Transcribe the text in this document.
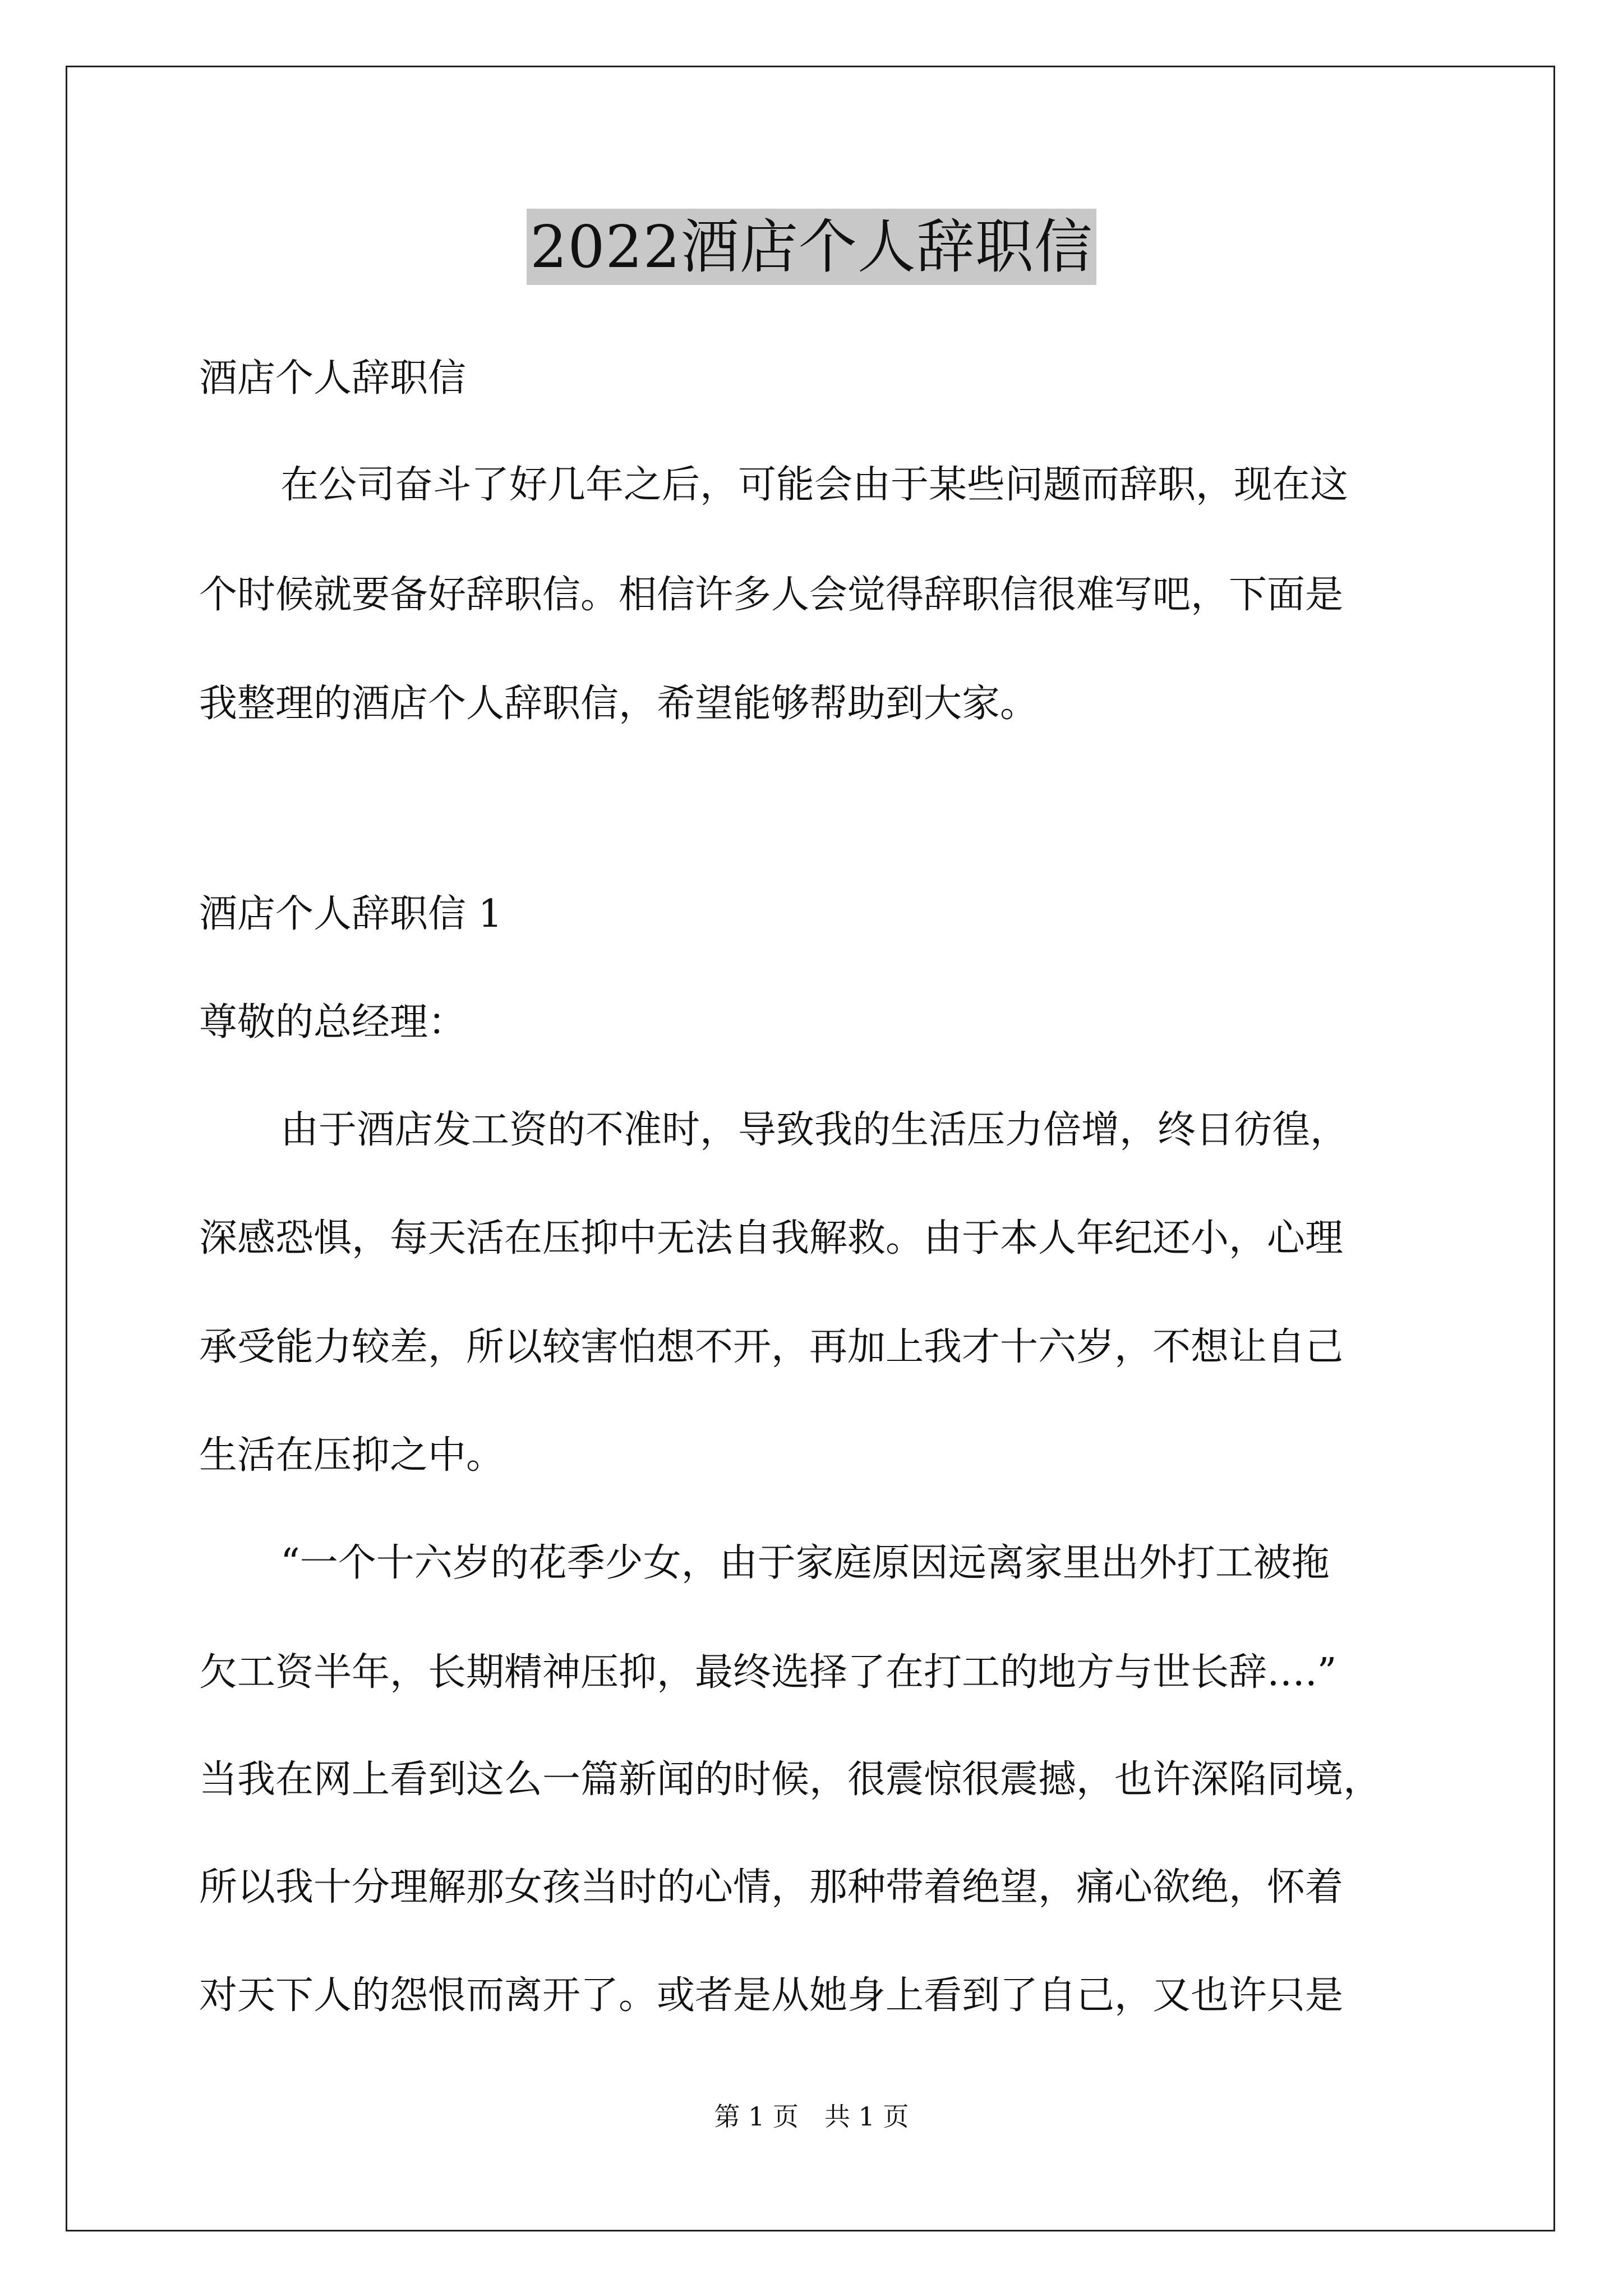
2022酒店个人辞职信
酒店个人辞职信
在公司奋斗了好几年之后，可能会由于某些问题而辞职，现在这
个时候就要备好辞职信。相信许多人会觉得辞职信很难写吧，下面是
我整理的酒店个人辞职信，希望能够帮助到大家。
酒店个人辞职信 1
尊敬的总经理：
由于酒店发工资的不准时，导致我的生活压力倍增，终日彷徨，
深感恐惧，每天活在压抑中无法自我解救。由于本人年纪还小，心理
承受能力较差，所以较害怕想不开，再加上我才十六岁，不想让自己
生活在压抑之中。
“一个十六岁的花季少女，由于家庭原因远离家里出外打工被拖
欠工资半年，长期精神压抑，最终选择了在打工的地方与世长辞….”
当我在网上看到这么一篇新闻的时候，很震惊很震撼，也许深陷同境，
所以我十分理解那女孩当时的心情，那种带着绝望，痛心欲绝，怀着
对天下人的怨恨而离开了。或者是从她身上看到了自己，又也许只是
第 1 页　共 1 页
